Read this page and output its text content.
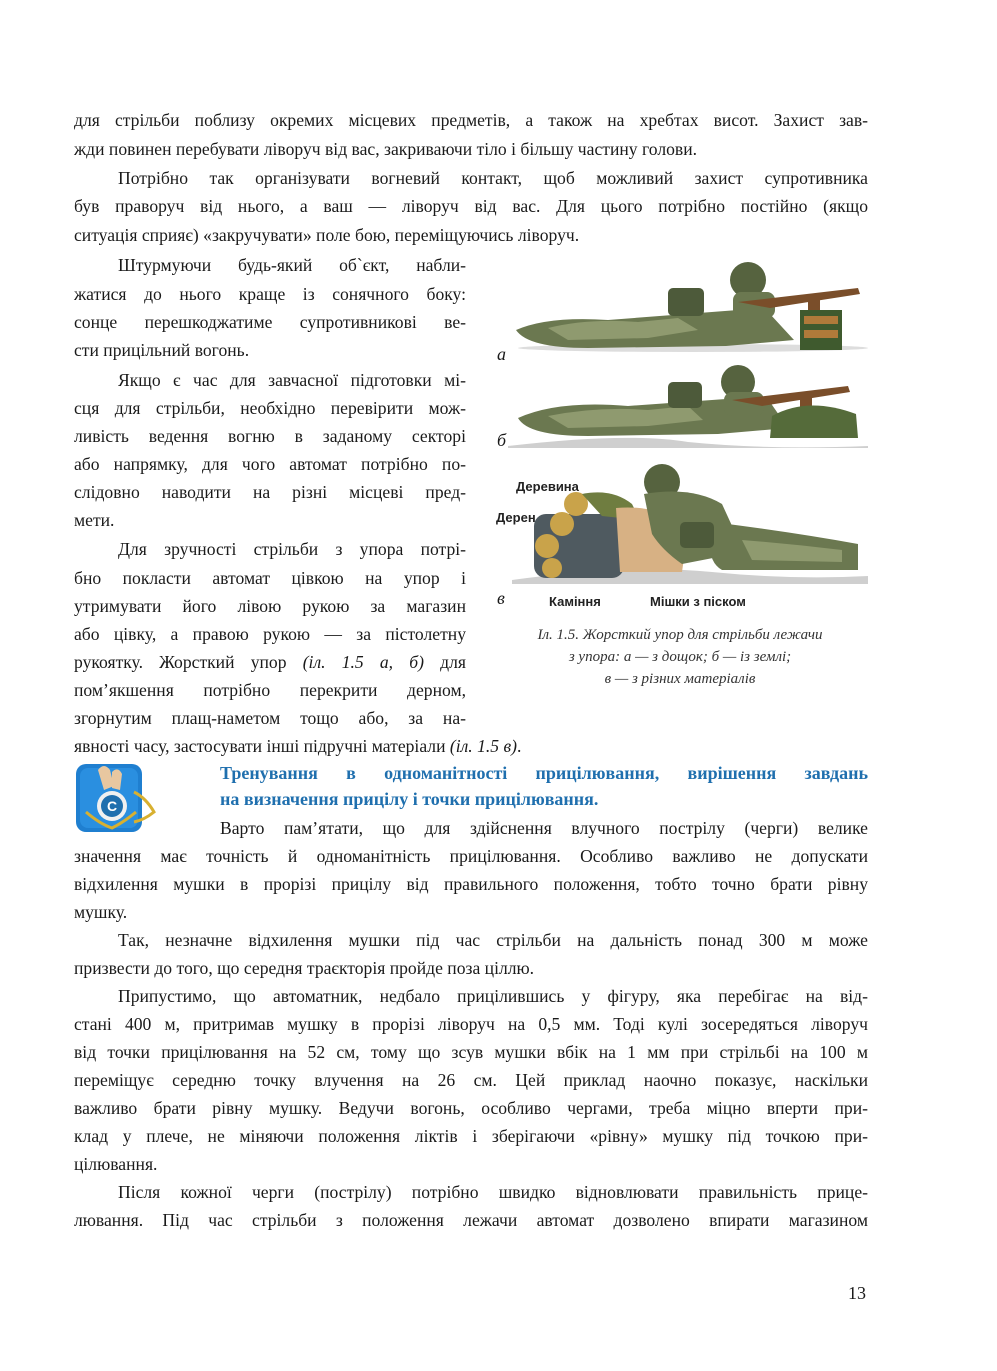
для стрільби поблизу окремих місцевих предметів, а також на хребтах висот. Захист зав-
жди повинен перебувати ліворуч від вас, закриваючи тіло і більшу частину голови.
Потрібно так організувати вогневий контакт, щоб можливий захист супротивника
був праворуч від нього, а ваш — ліворуч від вас. Для цього потрібно постійно (якщо
ситуація сприяє) «закручувати» поле бою, переміщуючись ліворуч.
Штурмуючи будь-який об`єкт, набли-
жатися до нього краще із сонячного боку:
сонце перешкоджатиме супротивникові ве-
сти прицільний вогонь.
Якщо є час для завчасної підготовки мі-
сця для стрільби, необхідно перевірити мож-
ливість ведення вогню в заданому секторі
або напрямку, для чого автомат потрібно по-
слідовно наводити на різні місцеві пред-
мети.
Для зручності стрільби з упора потрі-
бно покласти автомат цівкою на упор і
утримувати його лівою рукою за магазин
або цівку, а правою рукою — за пістолетну
рукоятку. Жорсткий упор (іл. 1.5 а, б) для
пом’якшення потрібно перекрити дерном,
згорнутим плащ-наметом тощо або, за на-
явності часу, застосувати інші підручні матеріали (іл. 1.5 в).
а
б
в
Деревина
Дерен
Каміння	Мішки з піском
Іл. 1.5. Жорсткий упор для стрільби лежачи
з упора: а — з дощок; б — із землі;
в — з різних матеріалів
С
Тренування в одноманітності прицілювання, вирішення завдань
на визначення прицілу і точки прицілювання.
Варто пам’ятати, що для здійснення влучного пострілу (черги) велике
значення має точність й одноманітність прицілювання. Особливо важливо не допускати
відхилення мушки в прорізі прицілу від правильного положення, тобто точно брати рівну
мушку.
Так, незначне відхилення мушки під час стрільби на дальність понад 300 м може
призвести до того, що середня траєкторія пройде поза ціллю.
Припустимо, що автоматник, недбало прицілившись у фігуру, яка перебігає на від-
стані 400 м, притримав мушку в прорізі ліворуч на 0,5 мм. Тоді кулі зосередяться ліворуч
від точки прицілювання на 52 см, тому що зсув мушки вбік на 1 мм при стрільбі на 100 м
переміщує середню точку влучення на 26 см. Цей приклад наочно показує, наскільки
важливо брати рівну мушку. Ведучи вогонь, особливо чергами, треба міцно вперти при-
клад у плече, не міняючи положення ліктів і зберігаючи «рівну» мушку під точкою при-
цілювання.
Після кожної черги (пострілу) потрібно швидко відновлювати правильність прице-
лювання. Під час стрільби з положення лежачи автомат дозволено впирати магазином
13
